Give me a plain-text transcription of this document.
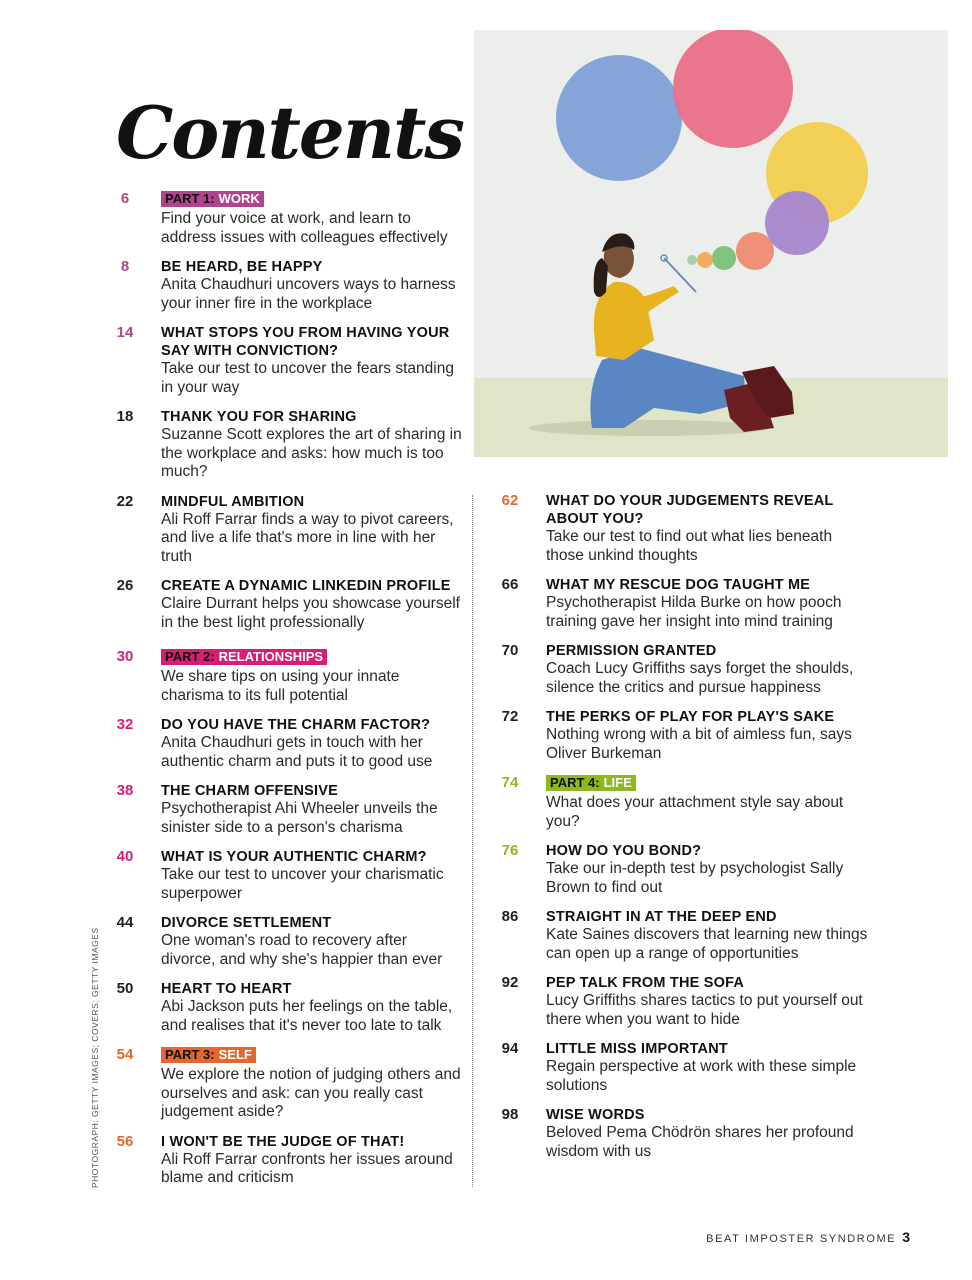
Contents
6	PART 1: WORK
Find your voice at work, and learn to address issues with colleagues effectively
8	BE HEARD, BE HAPPY
Anita Chaudhuri uncovers ways to harness your inner fire in the workplace
14	WHAT STOPS YOU FROM HAVING YOUR SAY WITH CONVICTION?
Take our test to uncover the fears standing in your way
18	THANK YOU FOR SHARING
Suzanne Scott explores the art of sharing in the workplace and asks: how much is too much?
22	MINDFUL AMBITION
Ali Roff Farrar finds a way to pivot careers, and live a life that's more in line with her truth
26	CREATE A DYNAMIC LINKEDIN PROFILE
Claire Durrant helps you showcase yourself in the best light professionally
30	PART 2: RELATIONSHIPS
We share tips on using your innate charisma to its full potential
32	DO YOU HAVE THE CHARM FACTOR?
Anita Chaudhuri gets in touch with her authentic charm and puts it to good use
38	THE CHARM OFFENSIVE
Psychotherapist Ahi Wheeler unveils the sinister side to a person's charisma
40	WHAT IS YOUR AUTHENTIC CHARM?
Take our test to uncover your charismatic superpower
44	DIVORCE SETTLEMENT
One woman's road to recovery after divorce, and why she's happier than ever
50	HEART TO HEART
Abi Jackson puts her feelings on the table, and realises that it's never too late to talk
54	PART 3: SELF
We explore the notion of judging others and ourselves and ask: can you really cast judgement aside?
56	I WON'T BE THE JUDGE OF THAT!
Ali Roff Farrar confronts her issues around blame and criticism
62	WHAT DO YOUR JUDGEMENTS REVEAL ABOUT YOU?
Take our test to find out what lies beneath those unkind thoughts
66	WHAT MY RESCUE DOG TAUGHT ME
Psychotherapist Hilda Burke on how pooch training gave her insight into mind training
70	PERMISSION GRANTED
Coach Lucy Griffiths says forget the shoulds, silence the critics and pursue happiness
72	THE PERKS OF PLAY FOR PLAY'S SAKE
Nothing wrong with a bit of aimless fun, says Oliver Burkeman
74	PART 4: LIFE
What does your attachment style say about you?
76	HOW DO YOU BOND?
Take our in-depth test by psychologist Sally Brown to find out
86	STRAIGHT IN AT THE DEEP END
Kate Saines discovers that learning new things can open up a range of opportunities
92	PEP TALK FROM THE SOFA
Lucy Griffiths shares tactics to put yourself out there when you want to hide
94	LITTLE MISS IMPORTANT
Regain perspective at work with these simple solutions
98	WISE WORDS
Beloved Pema Chödrön shares her profound wisdom with us
PHOTOGRAPH: GETTY IMAGES; COVERS: GETTY IMAGES
BEAT IMPOSTER SYNDROME 3
